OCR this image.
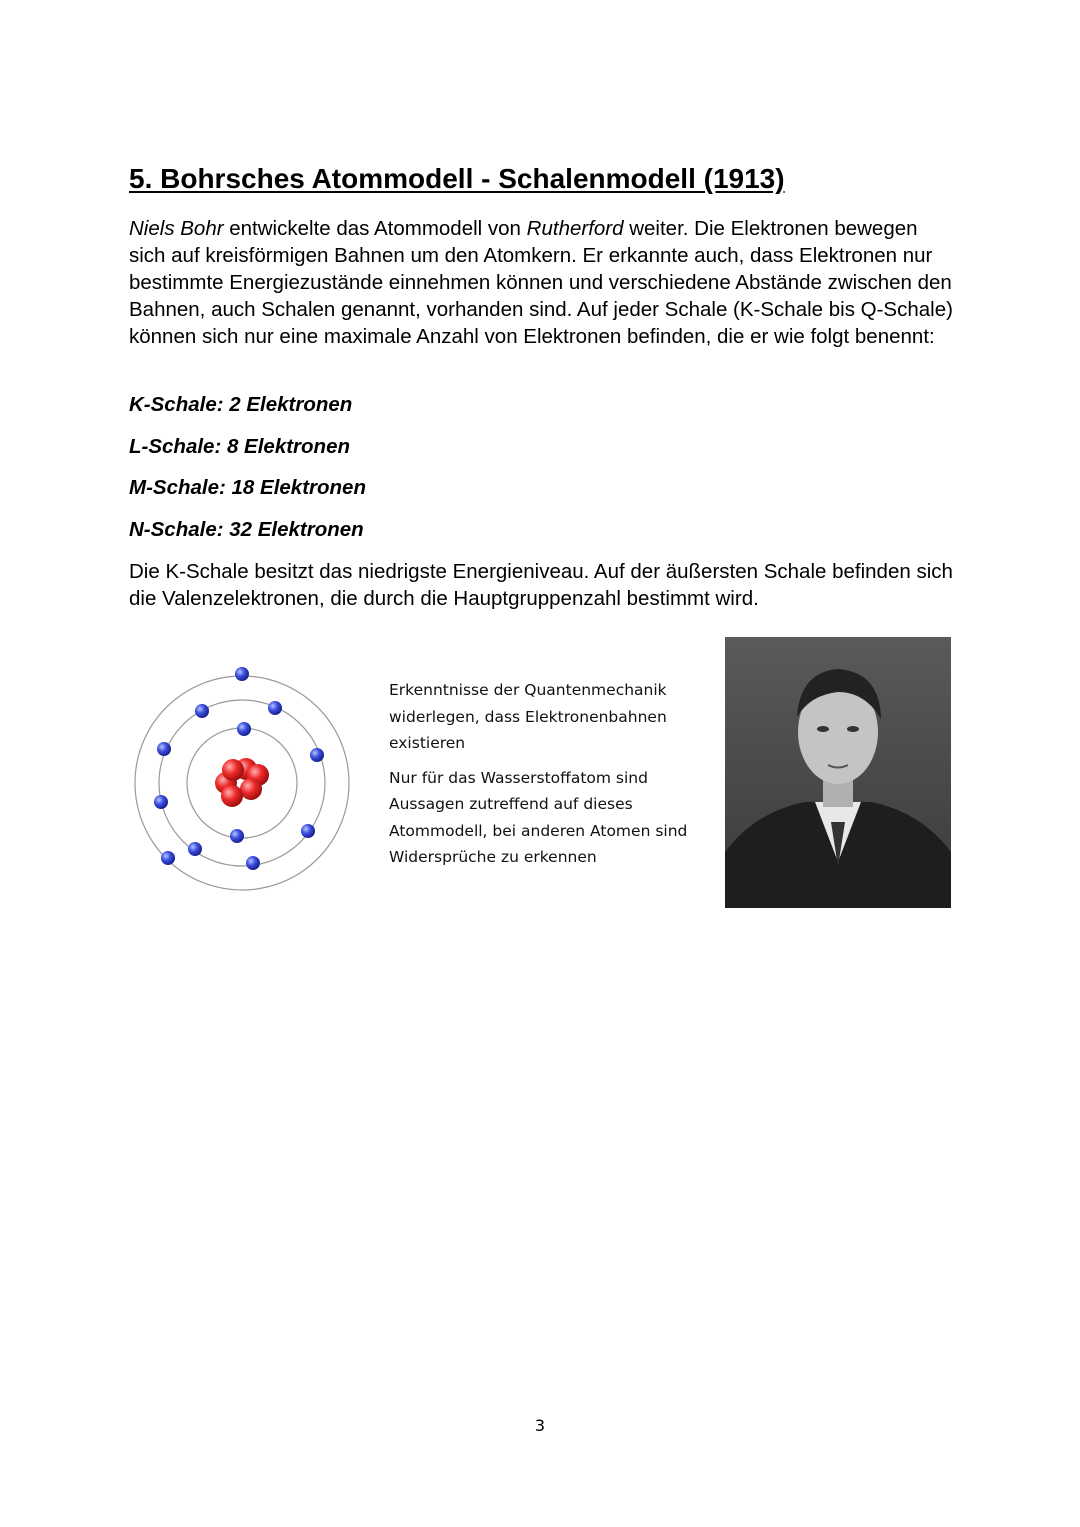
5. Bohrsches Atommodell - Schalenmodell (1913)

Niels Bohr entwickelte das Atommodell von Rutherford weiter. Die Elektronen bewegen sich auf kreisförmigen Bahnen um den Atomkern. Er erkannte auch, dass Elektronen nur bestimmte Energiezustände einnehmen können und verschiedene Abstände zwischen den Bahnen, auch Schalen genannt, vorhanden sind. Auf jeder Schale (K-Schale bis Q-Schale) können sich nur eine maximale Anzahl von Elektronen befinden, die er wie folgt benennt:

K-Schale: 2 Elektronen

L-Schale: 8 Elektronen

M-Schale: 18 Elektronen

N-Schale: 32 Elektronen

Die K-Schale besitzt das niedrigste Energieniveau. Auf der äußersten Schale befinden sich die Valenzelektronen, die durch die Hauptgruppenzahl bestimmt wird.

Erkenntnisse der Quantenmechanik widerlegen, dass Elektronenbahnen existieren

Nur für das Wasserstoffatom sind Aussagen zutreffend auf dieses Atommodell, bei anderen Atomen sind Widersprüche zu erkennen

3
